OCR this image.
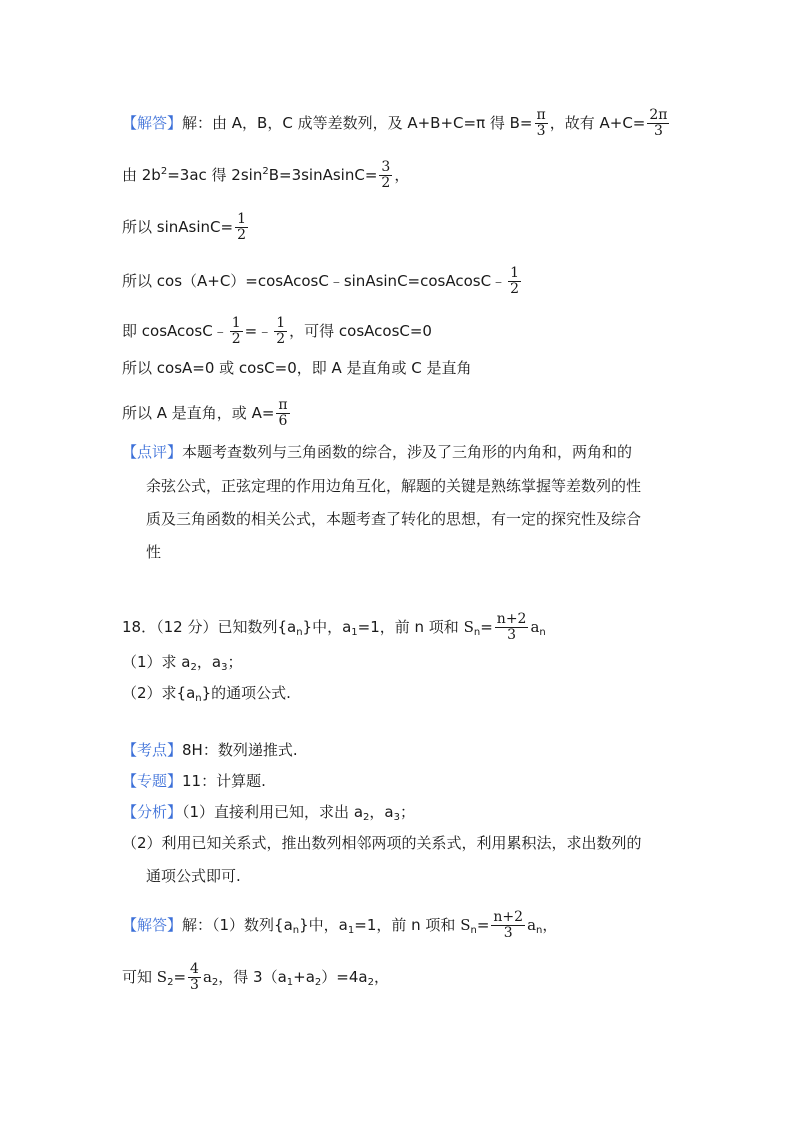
【解答】解：由 A，B，C 成等差数列，及 A+B+C=π 得 $B= \frac{\pi}{3}$ ，故有 $A+C= \frac{2\pi}{3}$
由 $2b^2=3ac$ 得 $2\sin^2B=3sinAsinC= \frac{3}{2}$ ，
所以 sinAsinC= $\frac{1}{2}$
所以 cos（A+C）=cosAcosC﹣sinAsinC=cosAcosC﹣ $\frac{1}{2}$
即 cosAcosC﹣ $\frac{1}{2}$ =﹣ $\frac{1}{2}$ ，可得 cosAcosC=0
所以 cosA=0 或 cosC=0，即 A 是直角或 C 是直角
所以 A 是直角，或 $A= \frac{\pi}{6}$
【点评】本题考查数列与三角函数的综合，涉及了三角形的内角和，两角和的
余弦公式，正弦定理的作用边角互化，解题的关键是熟练掌握等差数列的性
质及三角函数的相关公式，本题考查了转化的思想，有一定的探究性及综合
性
18．（12 分）已知数列$\{a_n\}$中，$a_1=1$，前 n 项和 $S_n= \frac{n+2}{3} a_n$
（1）求 $a_2$，$a_3$；
（2）求$\{a_n\}$的通项公式.
【考点】8H：数列递推式.
【专题】11：计算题.
【分析】（1）直接利用已知，求出 $a_2$，$a_3$；
（2）利用已知关系式，推出数列相邻两项的关系式，利用累积法，求出数列的
通项公式即可.
【解答】解：（1）数列$\{a_n\}$中，$a_1=1$，前 n 项和 $S_n= \frac{n+2}{3} a_n$，
可知 $S_2= \frac{4}{3} a_2$，得 $3(a_1+a_2)=4a_2$，
